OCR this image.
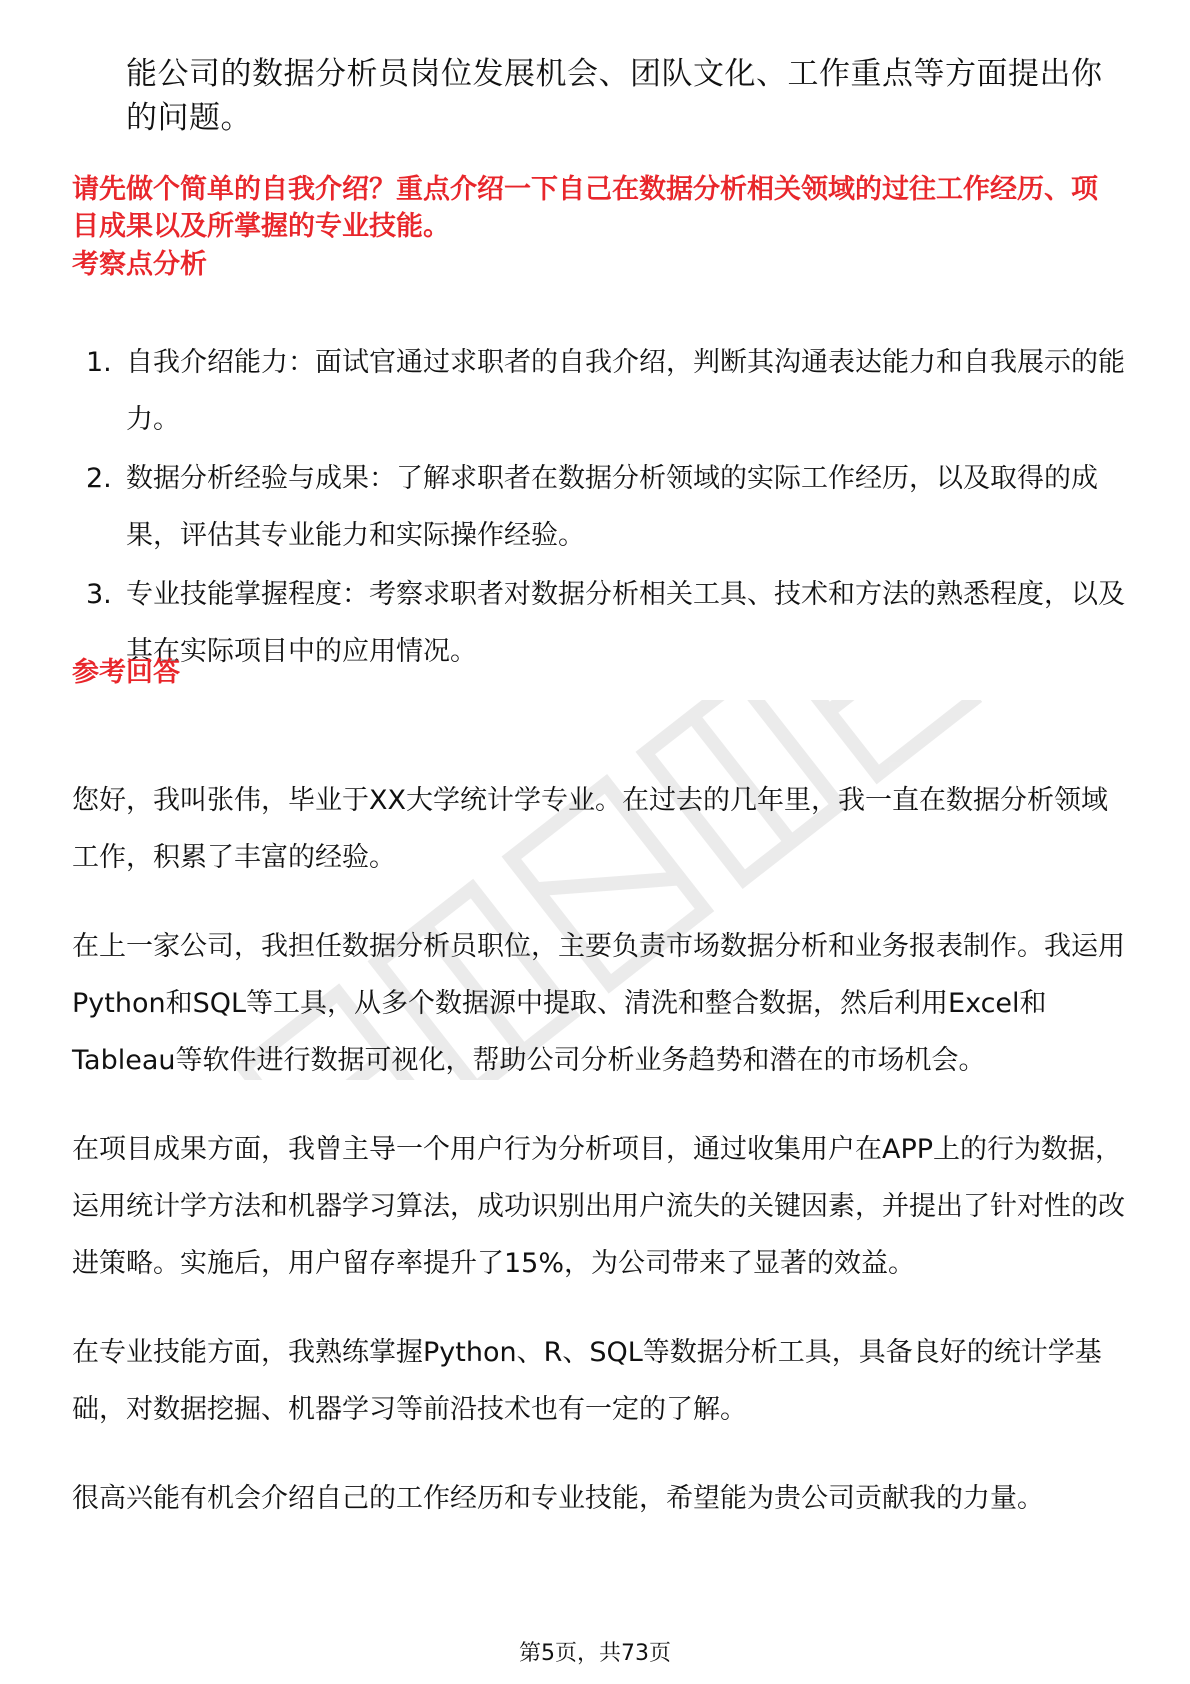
能公司的数据分析员岗位发展机会、团队文化、工作重点等方面提出你的问题。
请先做个简单的自我介绍？重点介绍一下自己在数据分析相关领域的过往工作经历、项目成果以及所掌握的专业技能。
考察点分析
1. 自我介绍能力：面试官通过求职者的自我介绍，判断其沟通表达能力和自我展示的能力。
2. 数据分析经验与成果：了解求职者在数据分析领域的实际工作经历，以及取得的成果，评估其专业能力和实际操作经验。
3. 专业技能掌握程度：考察求职者对数据分析相关工具、技术和方法的熟悉程度，以及其在实际项目中的应用情况。
参考回答

您好，我叫张伟，毕业于XX大学统计学专业。在过去的几年里，我一直在数据分析领域工作，积累了丰富的经验。

在上一家公司，我担任数据分析员职位，主要负责市场数据分析和业务报表制作。我运用Python和SQL等工具，从多个数据源中提取、清洗和整合数据，然后利用Excel和Tableau等软件进行数据可视化，帮助公司分析业务趋势和潜在的市场机会。

在项目成果方面，我曾主导一个用户行为分析项目，通过收集用户在APP上的行为数据，运用统计学方法和机器学习算法，成功识别出用户流失的关键因素，并提出了针对性的改进策略。实施后，用户留存率提升了15%，为公司带来了显著的效益。

在专业技能方面，我熟练掌握Python、R、SQL等数据分析工具，具备良好的统计学基础，对数据挖掘、机器学习等前沿技术也有一定的了解。

很高兴能有机会介绍自己的工作经历和专业技能，希望能为贵公司贡献我的力量。

第5页，共73页
